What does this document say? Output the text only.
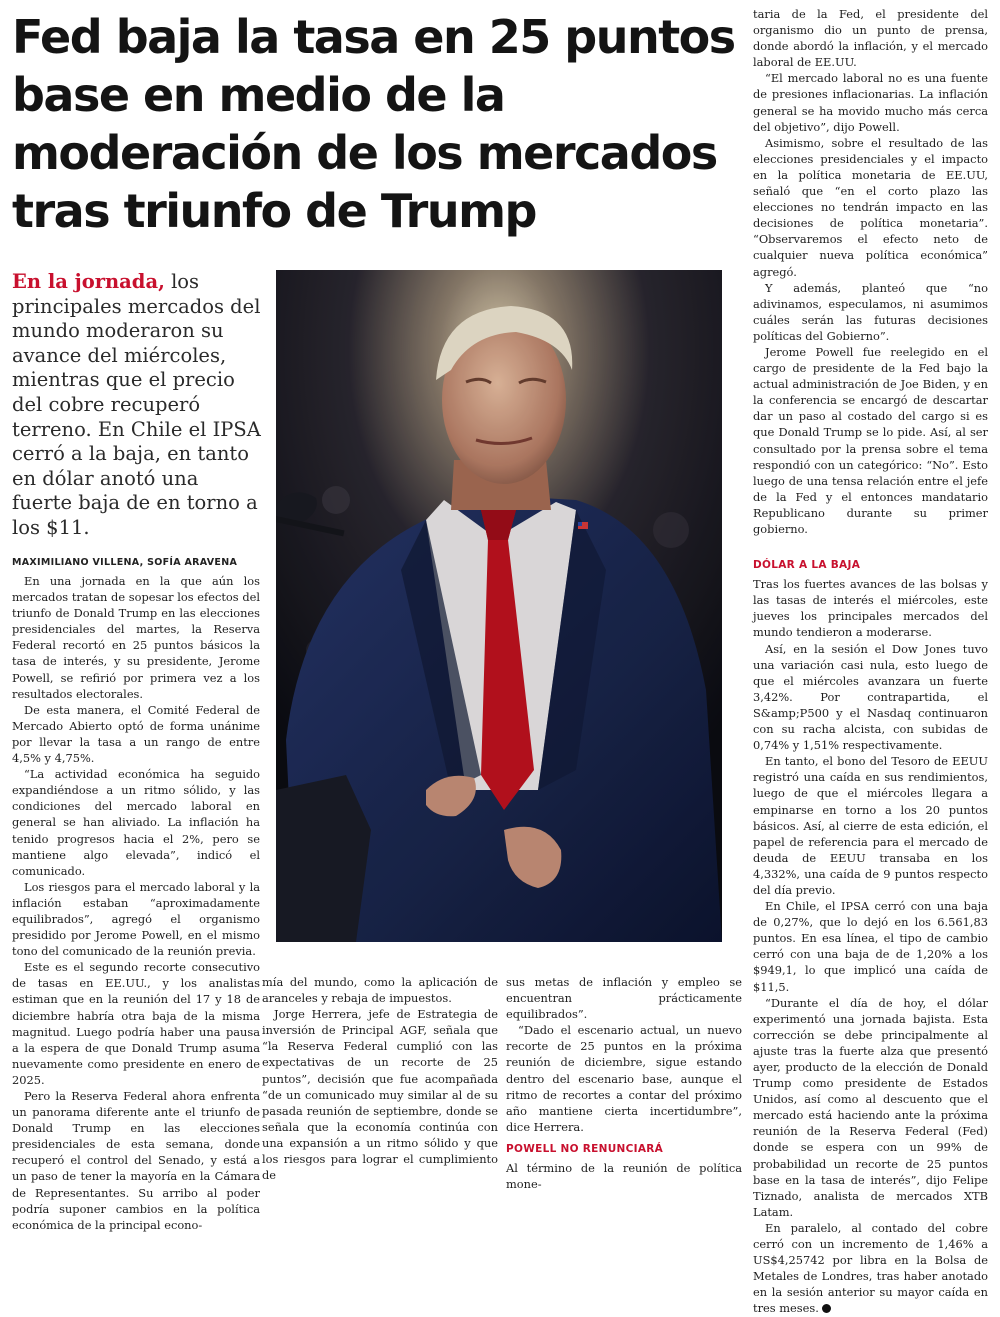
Fed baja la tasa en 25 puntos
base en medio de la
moderación de los mercados
tras triunfo de Trump
En la jornada, los principales mercados del mundo moderaron su avance del miércoles, mientras que el precio del cobre recuperó terreno. En Chile el IPSA cerró a la baja, en tanto en dólar anotó una fuerte baja de en torno a los $11.
MAXIMILIANO VILLENA, SOFÍA ARAVENA

En una jornada en la que aún los mercados tratan de sopesar los efectos del triunfo de Donald Trump en las elecciones presidenciales del martes, la Reserva Federal recortó en 25 puntos básicos la tasa de interés, y su presidente, Jerome Powell, se refirió por primera vez a los resultados electorales.

De esta manera, el Comité Federal de Mercado Abierto optó de forma unánime por llevar la tasa a un rango de entre 4,5% y 4,75%.

“La actividad económica ha seguido expandiéndose a un ritmo sólido, y las condiciones del mercado laboral en general se han aliviado. La inflación ha tenido progresos hacia el 2%, pero se mantiene algo elevada”, indicó el comunicado.

Los riesgos para el mercado laboral y la inflación estaban “aproximadamente equilibrados”, agregó el organismo presidido por Jerome Powell, en el mismo tono del comunicado de la reunión previa.

Este es el segundo recorte consecutivo de tasas en EE.UU., y los analistas estiman que en la reunión del 17 y 18 de diciembre habría otra baja de la misma magnitud. Luego podría haber una pausa a la espera de que Donald Trump asuma nuevamente como presidente en enero de 2025.

Pero la Reserva Federal ahora enfrenta un panorama diferente ante el triunfo de Donald Trump en las elecciones presidenciales de esta semana, donde recuperó el control del Senado, y está a un paso de tener la mayoría en la Cámara de Representantes. Su arribo al poder podría suponer cambios en la política económica de la principal econo-

mía del mundo, como la aplicación de aranceles y rebaja de impuestos.

Jorge Herrera, jefe de Estrategia de inversión de Principal AGF, señala que “la Reserva Federal cumplió con las expectativas de un recorte de 25 puntos”, decisión que fue acompañada “de un comunicado muy similar al de su pasada reunión de septiembre, donde se señala que la economía continúa con una expansión a un ritmo sólido y que los riesgos para lograr el cumplimiento de

sus metas de inflación y empleo se encuentran prácticamente equilibrados”.

“Dado el escenario actual, un nuevo recorte de 25 puntos en la próxima reunión de diciembre, sigue estando dentro del escenario base, aunque el ritmo de recortes a contar del próximo año mantiene cierta incertidumbre”, dice Herrera.

POWELL NO RENUNCIARÁ

Al término de la reunión de política mone-

taria de la Fed, el presidente del organismo dio un punto de prensa, donde abordó la inflación, y el mercado laboral de EE.UU.

“El mercado laboral no es una fuente de presiones inflacionarias. La inflación general se ha movido mucho más cerca del objetivo”, dijo Powell.

Asimismo, sobre el resultado de las elecciones presidenciales y el impacto en la política monetaria de EE.UU, señaló que “en el corto plazo las elecciones no tendrán impacto en las decisiones de política monetaria”. “Observaremos el efecto neto de cualquier nueva política económica” agregó.

Y además, planteó que “no adivinamos, especulamos, ni asumimos cuáles serán las futuras decisiones políticas del Gobierno”.

Jerome Powell fue reelegido en el cargo de presidente de la Fed bajo la actual administración de Joe Biden, y en la conferencia se encargó de descartar dar un paso al costado del cargo si es que Donald Trump se lo pide. Así, al ser consultado por la prensa sobre el tema respondió con un categórico: “No”. Esto luego de una tensa relación entre el jefe de la Fed y el entonces mandatario Republicano durante su primer gobierno.

DÓLAR A LA BAJA

Tras los fuertes avances de las bolsas y las tasas de interés el miércoles, este jueves los principales mercados del mundo tendieron a moderarse.

Así, en la sesión el Dow Jones tuvo una variación casi nula, esto luego de que el miércoles avanzara un fuerte 3,42%. Por contrapartida, el S&amp;P500 y el Nasdaq continuaron con su racha alcista, con subidas de 0,74% y 1,51% respectivamente.

En tanto, el bono del Tesoro de EEUU registró una caída en sus rendimientos, luego de que el miércoles llegara a empinarse en torno a los 20 puntos básicos. Así, al cierre de esta edición, el papel de referencia para el mercado de deuda de EEUU transaba en los 4,332%, una caída de 9 puntos respecto del día previo.

En Chile, el IPSA cerró con una baja de 0,27%, que lo dejó en los 6.561,83 puntos. En esa línea, el tipo de cambio cerró con una baja de de 1,20% a los $949,1, lo que implicó una caída de $11,5.

“Durante el día de hoy, el dólar experimentó una jornada bajista. Esta corrección se debe principalmente al ajuste tras la fuerte alza que presentó ayer, producto de la elección de Donald Trump como presidente de Estados Unidos, así como al descuento que el mercado está haciendo ante la próxima reunión de la Reserva Federal (Fed) donde se espera con un 99% de probabilidad un recorte de 25 puntos base en la tasa de interés”, dijo Felipe Tiznado, analista de mercados XTB Latam.

En paralelo, al contado del cobre cerró con un incremento de 1,46% a US$4,25742 por libra en la Bolsa de Metales de Londres, tras haber anotado en la sesión anterior su mayor caída en tres meses.
